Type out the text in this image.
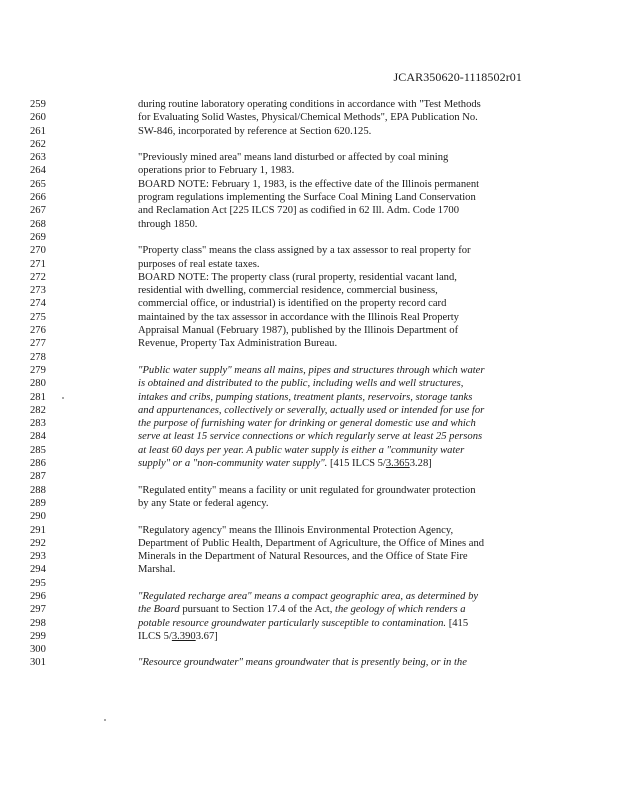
JCAR350620-1118502r01
259	during routine laboratory operating conditions in accordance with "Test Methods
260	for Evaluating Solid Wastes, Physical/Chemical Methods", EPA Publication No.
261	SW-846, incorporated by reference at Section 620.125.
262
263	"Previously mined area" means land disturbed or affected by coal mining
264	operations prior to February 1, 1983.
265	BOARD NOTE: February 1, 1983, is the effective date of the Illinois permanent
266	program regulations implementing the Surface Coal Mining Land Conservation
267	and Reclamation Act [225 ILCS 720] as codified in 62 Ill. Adm. Code 1700
268	through 1850.
269
270	"Property class" means the class assigned by a tax assessor to real property for
271	purposes of real estate taxes.
272	BOARD NOTE: The property class (rural property, residential vacant land,
273	residential with dwelling, commercial residence, commercial business,
274	commercial office, or industrial) is identified on the property record card
275	maintained by the tax assessor in accordance with the Illinois Real Property
276	Appraisal Manual (February 1987), published by the Illinois Department of
277	Revenue, Property Tax Administration Bureau.
278
279	"Public water supply" means all mains, pipes and structures through which water
280	is obtained and distributed to the public, including wells and well structures,
281	intakes and cribs, pumping stations, treatment plants, reservoirs, storage tanks
282	and appurtenances, collectively or severally, actually used or intended for use for
283	the purpose of furnishing water for drinking or general domestic use and which
284	serve at least 15 service connections or which regularly serve at least 25 persons
285	at least 60 days per year. A public water supply is either a "community water
286	supply" or a "non-community water supply". [415 ILCS 5/3.3653.28]
287
288	"Regulated entity" means a facility or unit regulated for groundwater protection
289	by any State or federal agency.
290
291	"Regulatory agency" means the Illinois Environmental Protection Agency,
292	Department of Public Health, Department of Agriculture, the Office of Mines and
293	Minerals in the Department of Natural Resources, and the Office of State Fire
294	Marshal.
295
296	"Regulated recharge area" means a compact geographic area, as determined by
297	the Board pursuant to Section 17.4 of the Act, the geology of which renders a
298	potable resource groundwater particularly susceptible to contamination. [415
299	ILCS 5/3.3903.67]
300
301	"Resource groundwater" means groundwater that is presently being, or in the
